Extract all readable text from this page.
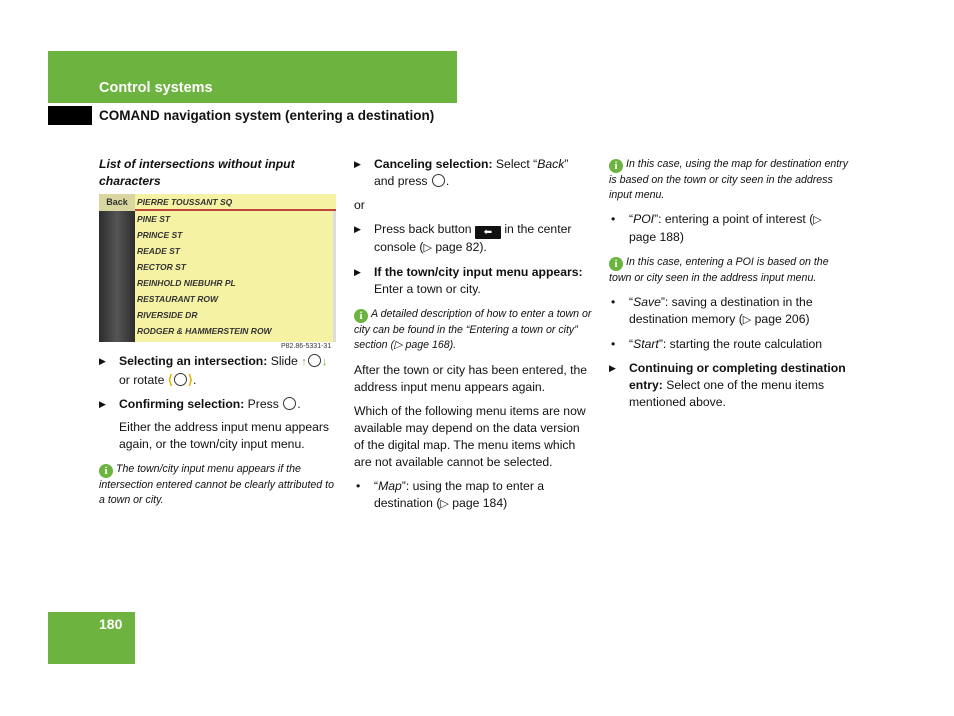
Control systems
COMAND navigation system (entering a destination)

List of intersections without input characters

Back	PIERRE TOUSSANT SQ
PINE ST
PRINCE ST
READE ST
RECTOR ST
REINHOLD NIEBUHR PL
RESTAURANT ROW
RIVERSIDE DR
RODGER & HAMMERSTEIN ROW
P82.86-5331-31

▶ Selecting an intersection: Slide ↑ ↓
or rotate ⟨ ⟩.

▶ Confirming selection: Press .

Either the address input menu appears again, or the town/city input menu.

i The town/city input menu appears if the intersection entered cannot be clearly attributed to a town or city.

▶ Canceling selection: Select “Back” and press .

or

▶ Press back button ⬅ in the center console (▷ page 82).

▶ If the town/city input menu appears: Enter a town or city.

i A detailed description of how to enter a town or city can be found in the “Entering a town or city” section (▷ page 168).

After the town or city has been entered, the address input menu appears again.

Which of the following menu items are now available may depend on the data version of the digital map. The menu items which are not available cannot be selected.

• “Map”: using the map to enter a destination (▷ page 184)

i In this case, using the map for destination entry is based on the town or city seen in the address input menu.

• “POI”: entering a point of interest (▷ page 188)

i In this case, entering a POI is based on the town or city seen in the address input menu.

• “Save”: saving a destination in the destination memory (▷ page 206)

• “Start”: starting the route calculation

▶ Continuing or completing destination entry: Select one of the menu items mentioned above.

180
